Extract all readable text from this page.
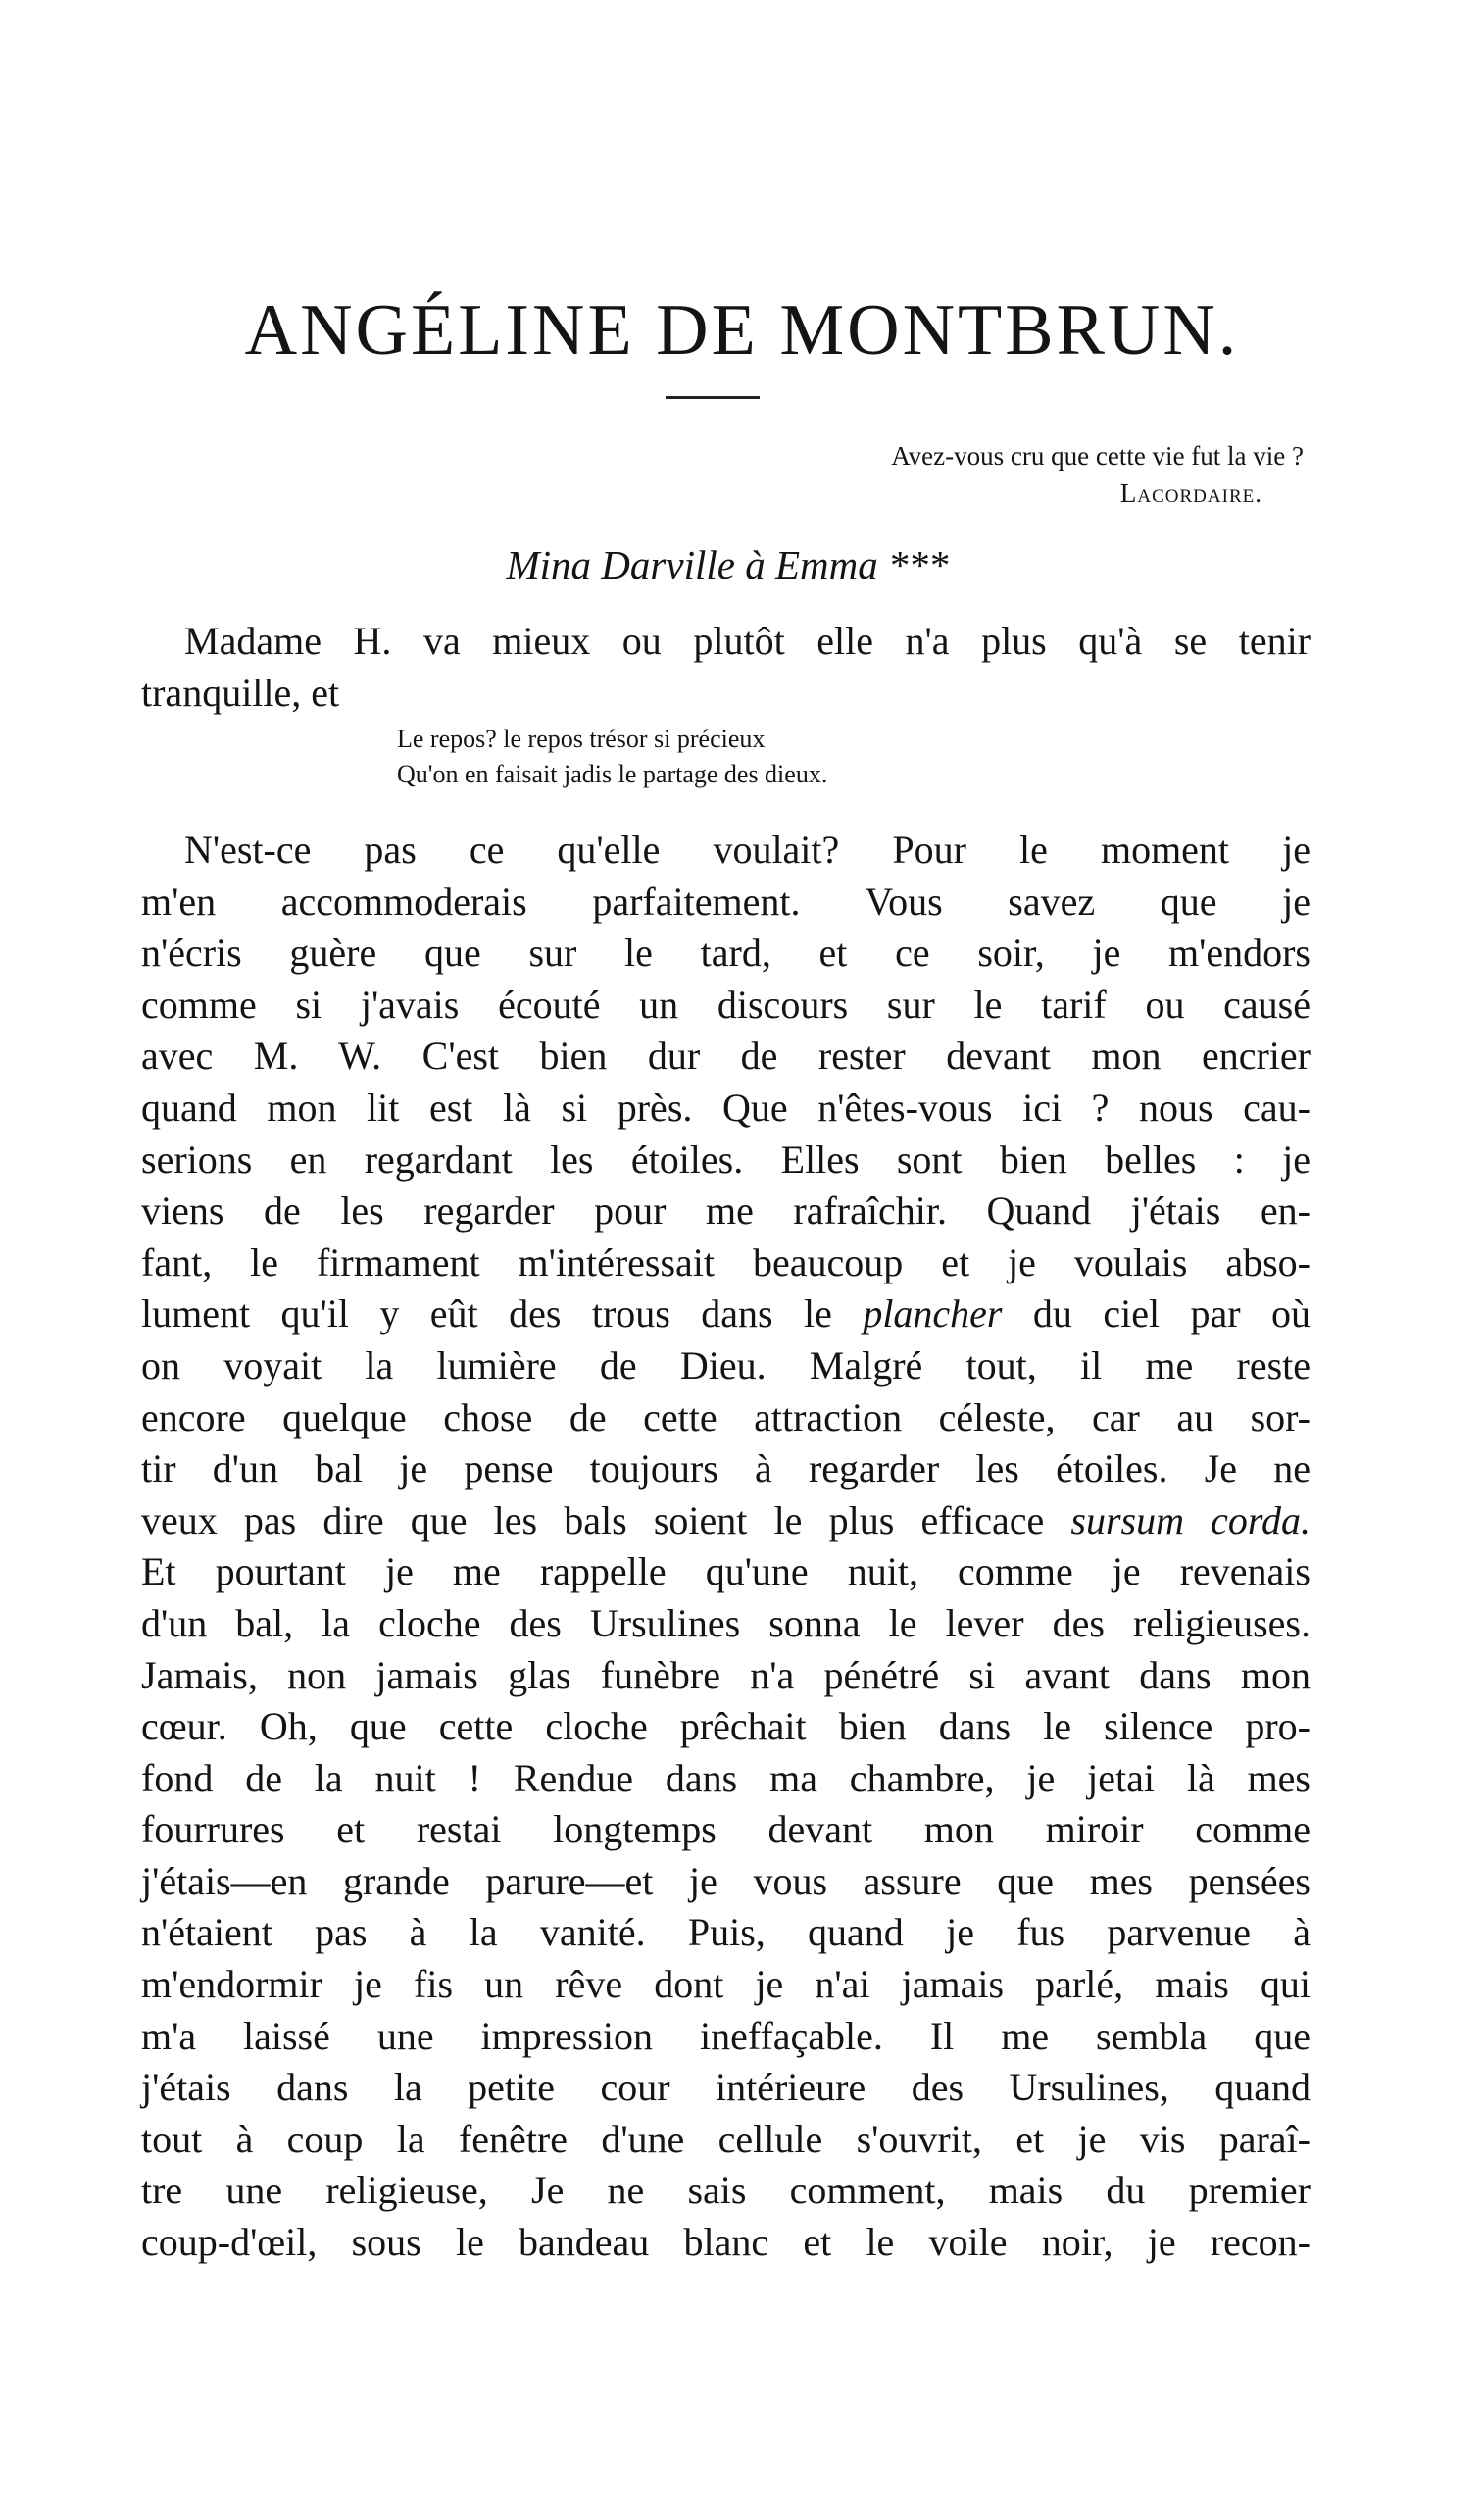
ANGÉLINE DE MONTBRUN.
Avez-vous cru que cette vie fut la vie ?
Lacordaire.
Mina Darville à Emma ***
Madame H. va mieux ou plutôt elle n'a plus qu'à se tenir
tranquille, et
Le repos? le repos trésor si précieux
Qu'on en faisait jadis le partage des dieux.
N'est-ce pas ce qu'elle voulait? Pour le moment je
m'en accommoderais parfaitement. Vous savez que je
n'écris guère que sur le tard, et ce soir, je m'endors
comme si j'avais écouté un discours sur le tarif ou causé
avec M. W. C'est bien dur de rester devant mon encrier
quand mon lit est là si près. Que n'êtes-vous ici ? nous cau-
serions en regardant les étoiles. Elles sont bien belles : je
viens de les regarder pour me rafraîchir. Quand j'étais en-
fant, le firmament m'intéressait beaucoup et je voulais abso-
lument qu'il y eût des trous dans le plancher du ciel par où
on voyait la lumière de Dieu. Malgré tout, il me reste
encore quelque chose de cette attraction céleste, car au sor-
tir d'un bal je pense toujours à regarder les étoiles. Je ne
veux pas dire que les bals soient le plus efficace sursum corda.
Et pourtant je me rappelle qu'une nuit, comme je revenais
d'un bal, la cloche des Ursulines sonna le lever des religieuses.
Jamais, non jamais glas funèbre n'a pénétré si avant dans mon
cœur. Oh, que cette cloche prêchait bien dans le silence pro-
fond de la nuit ! Rendue dans ma chambre, je jetai là mes
fourrures et restai longtemps devant mon miroir comme
j'étais—en grande parure—et je vous assure que mes pensées
n'étaient pas à la vanité. Puis, quand je fus parvenue à
m'endormir je fis un rêve dont je n'ai jamais parlé, mais qui
m'a laissé une impression ineffaçable. Il me sembla que
j'étais dans la petite cour intérieure des Ursulines, quand
tout à coup la fenêtre d'une cellule s'ouvrit, et je vis paraî-
tre une religieuse, Je ne sais comment, mais du premier
coup-d'œil, sous le bandeau blanc et le voile noir, je recon-
